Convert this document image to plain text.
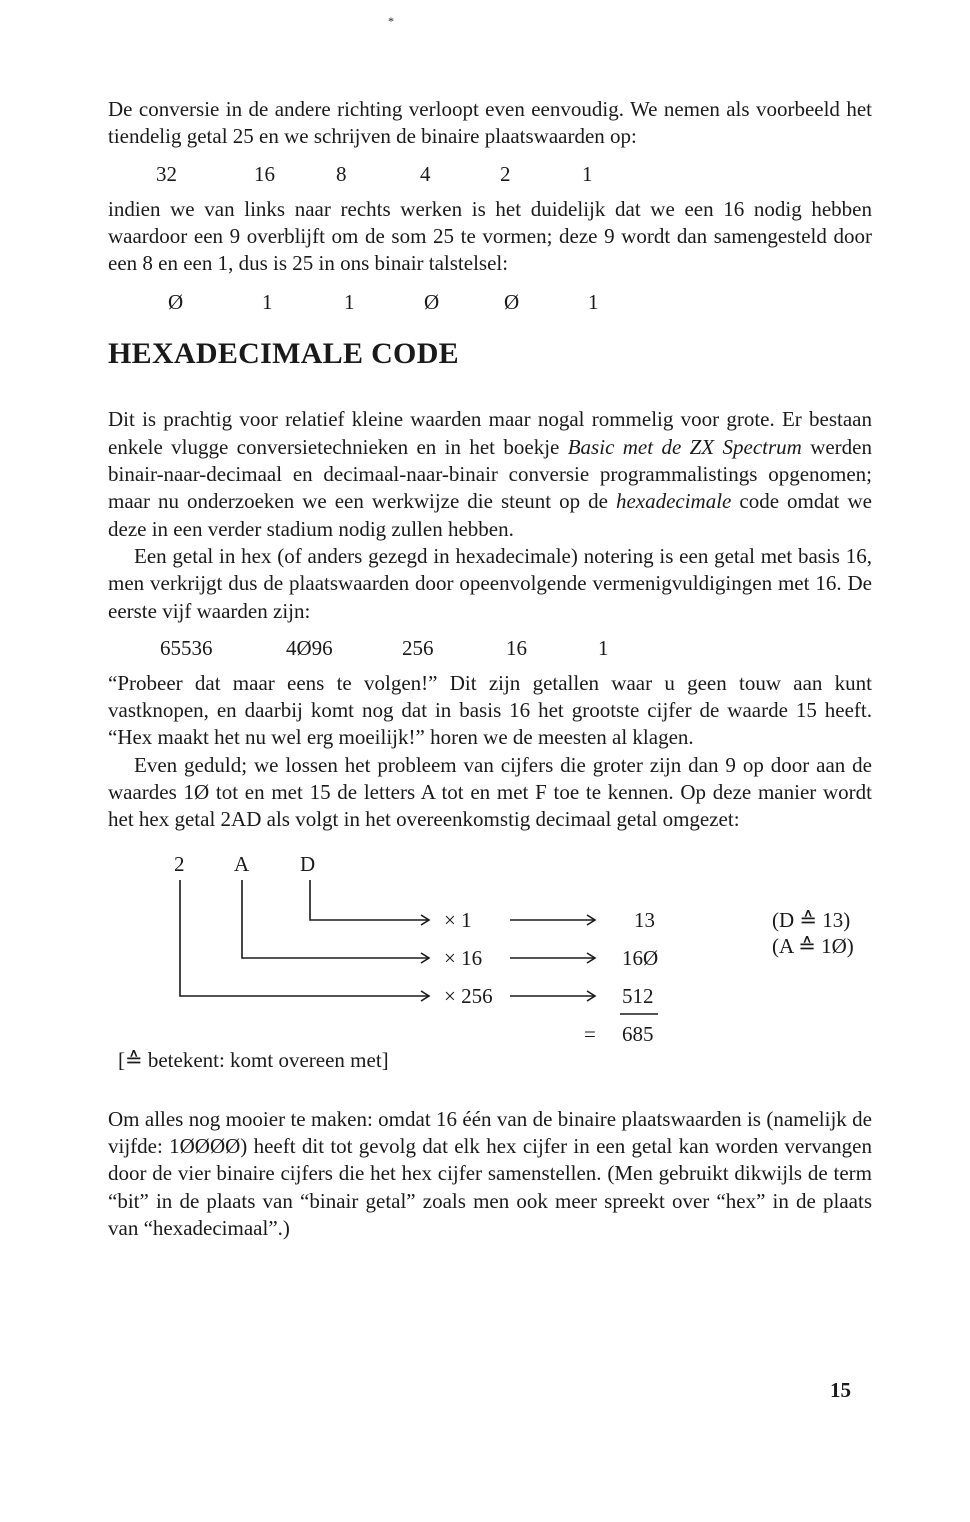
*

De conversie in de andere richting verloopt even eenvoudig. We nemen als voorbeeld het tiendelig getal 25 en we schrijven de binaire plaatswaarden op:

32	16	8	4	2	1

indien we van links naar rechts werken is het duidelijk dat we een 16 nodig hebben waardoor een 9 overblijft om de som 25 te vormen; deze 9 wordt dan samengesteld door een 8 en een 1, dus is 25 in ons binair talstelsel:

Ø	1	1	Ø	Ø	1
HEXADECIMALE CODE

Dit is prachtig voor relatief kleine waarden maar nogal rommelig voor grote. Er bestaan enkele vlugge conversietechnieken en in het boekje Basic met de ZX Spectrum werden binair-naar-decimaal en decimaal-naar-binair conversie programmalistings opgenomen; maar nu onderzoeken we een werkwijze die steunt op de hexadecimale code omdat we deze in een verder stadium nodig zullen hebben.

Een getal in hex (of anders gezegd in hexadecimale) notering is een getal met basis 16, men verkrijgt dus de plaatswaarden door opeenvolgende vermenigvuldigingen met 16. De eerste vijf waarden zijn:

65536	4Ø96	256	16	1

“Probeer dat maar eens te volgen!” Dit zijn getallen waar u geen touw aan kunt vastknopen, en daarbij komt nog dat in basis 16 het grootste cijfer de waarde 15 heeft. “Hex maakt het nu wel erg moeilijk!” horen we de meesten al klagen.

Even geduld; we lossen het probleem van cijfers die groter zijn dan 9 op door aan de waardes 1Ø tot en met 15 de letters A tot en met F toe te kennen. Op deze manier wordt het hex getal 2AD als volgt in het overeenkomstig decimaal getal omgezet:

2 A D
× 1
× 16
× 256
13
16Ø
512
= 685
(D ≙ 13)
(A ≙ 1Ø)
[≙ betekent: komt overeen met]

Om alles nog mooier te maken: omdat 16 één van de binaire plaatswaarden is (namelijk de vijfde: 1ØØØØ) heeft dit tot gevolg dat elk hex cijfer in een getal kan worden vervangen door de vier binaire cijfers die het hex cijfer samenstellen. (Men gebruikt dikwijls de term “bit” in de plaats van “binair getal” zoals men ook meer spreekt over “hex” in de plaats van “hexadecimaal”.)

15
